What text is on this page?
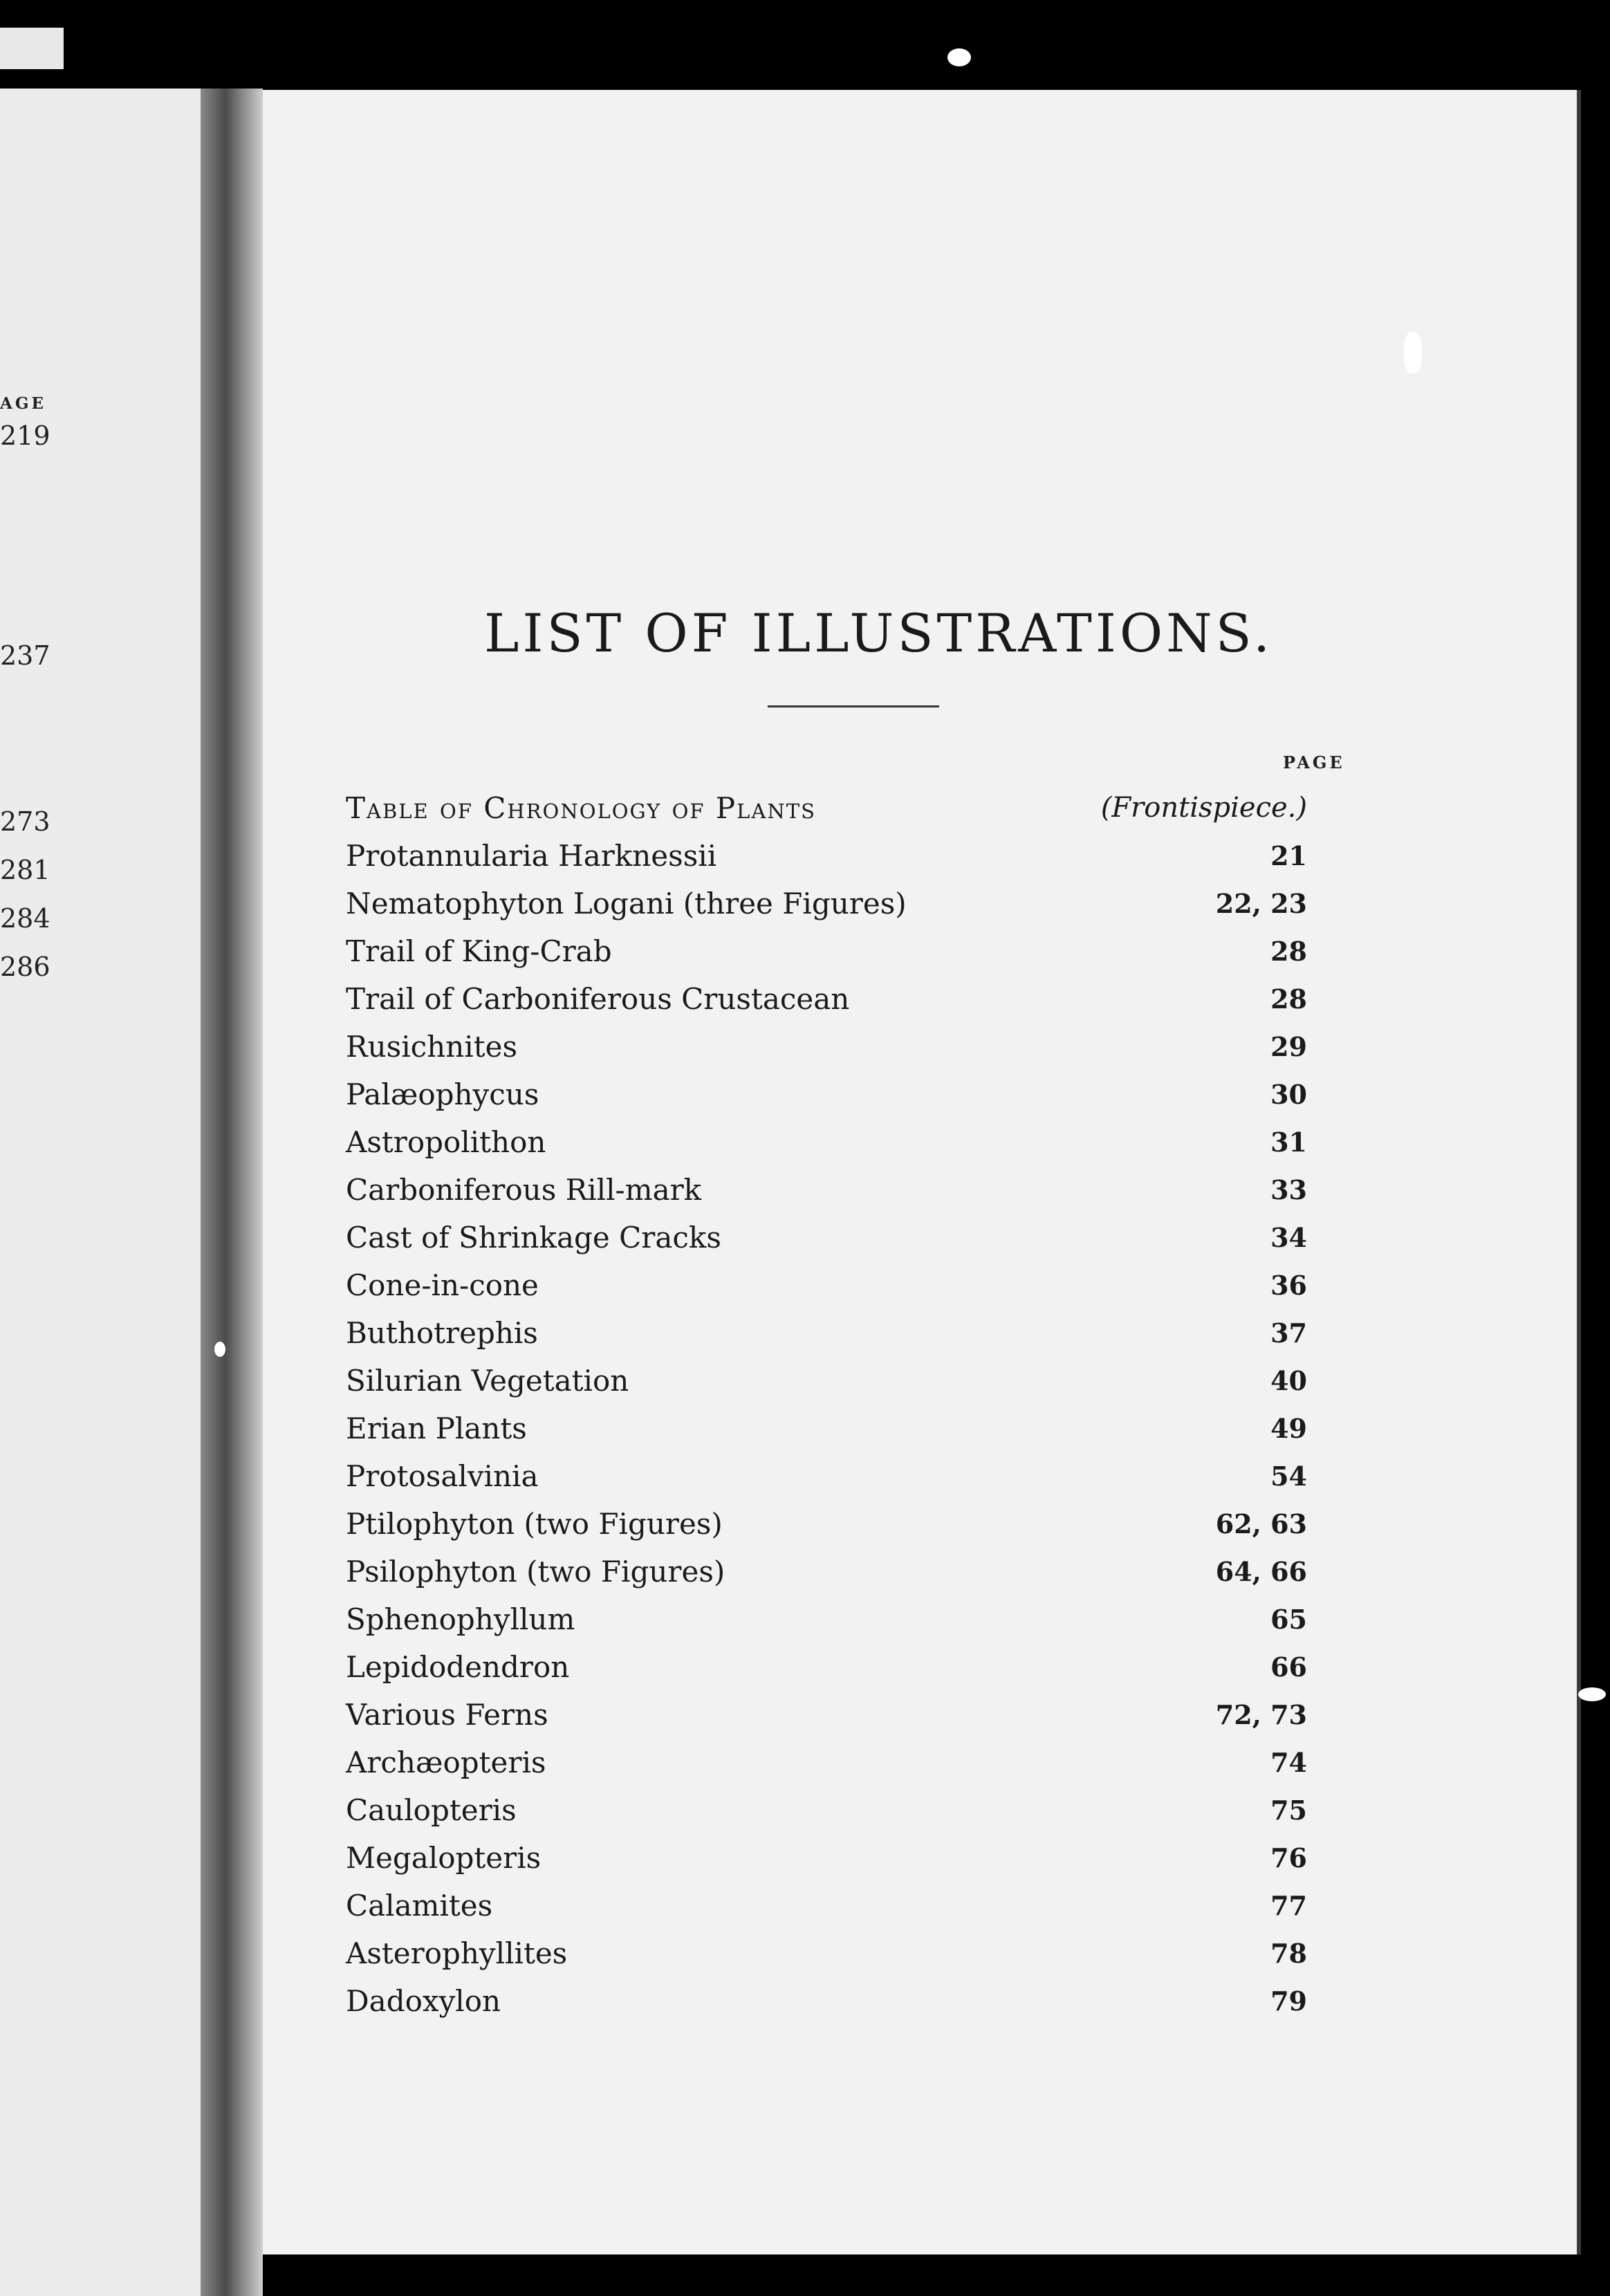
AGE
219
237
273
281
284
286
LIST OF ILLUSTRATIONS.
PAGE
Table of Chronology of Plants	(Frontispiece.)
Protannularia Harknessii	21
Nematophyton Logani (three Figures)	22, 23
Trail of King-Crab	28
Trail of Carboniferous Crustacean	28
Rusichnites	29
Palæophycus	30
Astropolithon	31
Carboniferous Rill-mark	33
Cast of Shrinkage Cracks	34
Cone-in-cone	36
Buthotrephis	37
Silurian Vegetation	40
Erian Plants	49
Protosalvinia	54
Ptilophyton (two Figures)	62, 63
Psilophyton (two Figures)	64, 66
Sphenophyllum	65
Lepidodendron	66
Various Ferns	72, 73
Archæopteris	74
Caulopteris	75
Megalopteris	76
Calamites	77
Asterophyllites	78
Dadoxylon	79
